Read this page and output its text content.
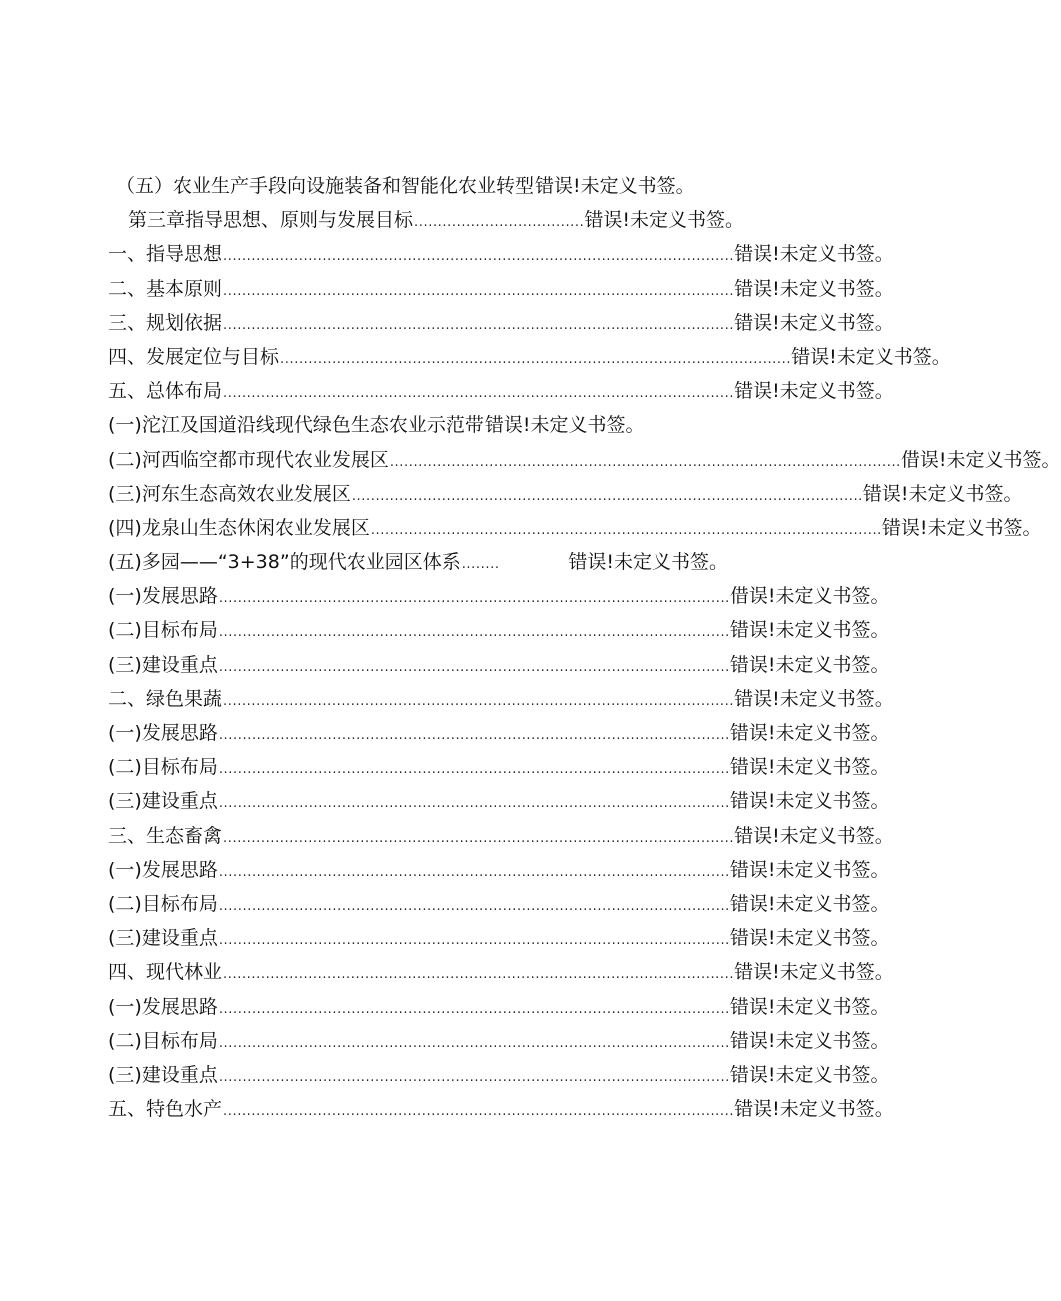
（五）农业生产手段向设施装备和智能化农业转型 错误!未定义书签。
第三章指导思想、原则与发展目标 .................................... 错误!未定义书签。
一、指导思想 ............................................................................................................ 错误!未定义书签。
二、基本原则 ............................................................................................................ 错误!未定义书签。
三、规划依据 ............................................................................................................ 错误!未定义书签。
四、发展定位与目标 ............................................................................................................ 错误!未定义书签。
五、总体布局 ............................................................................................................ 错误!未定义书签。
(一)沱江及国道沿线现代绿色生态农业示范带 错误!未定义书签。
(二)河西临空都市现代农业发展区 ............................................................................................................ 借误!未定义书签。
(三)河东生态高效农业发展区 ............................................................................................................ 错误!未定义书签。
(四)龙泉山生态休闲农业发展区 ............................................................................................................ 错误!未定义书签。
(五)多园——“3+38”的现代农业园区体系 ........	错误!未定义书签。
(一)发展思路 ............................................................................................................ 借误!未定义书签。
(二)目标布局 ............................................................................................................ 错误!未定义书签。
(三)建设重点 ............................................................................................................ 错误!未定义书签。
二、绿色果蔬 ............................................................................................................ 错误!未定义书签。
(一)发展思路 ............................................................................................................ 错误!未定义书签。
(二)目标布局 ............................................................................................................ 错误!未定义书签。
(三)建设重点 ............................................................................................................ 错误!未定义书签。
三、生态畜禽 ............................................................................................................ 错误!未定义书签。
(一)发展思路 ............................................................................................................ 错误!未定义书签。
(二)目标布局 ............................................................................................................ 错误!未定义书签。
(三)建设重点 ............................................................................................................ 错误!未定义书签。
四、现代林业 ............................................................................................................ 错误!未定义书签。
(一)发展思路 ............................................................................................................ 错误!未定义书签。
(二)目标布局 ............................................................................................................ 错误!未定义书签。
(三)建设重点 ............................................................................................................ 错误!未定义书签。
五、特色水产 ............................................................................................................ 错误!未定义书签。
